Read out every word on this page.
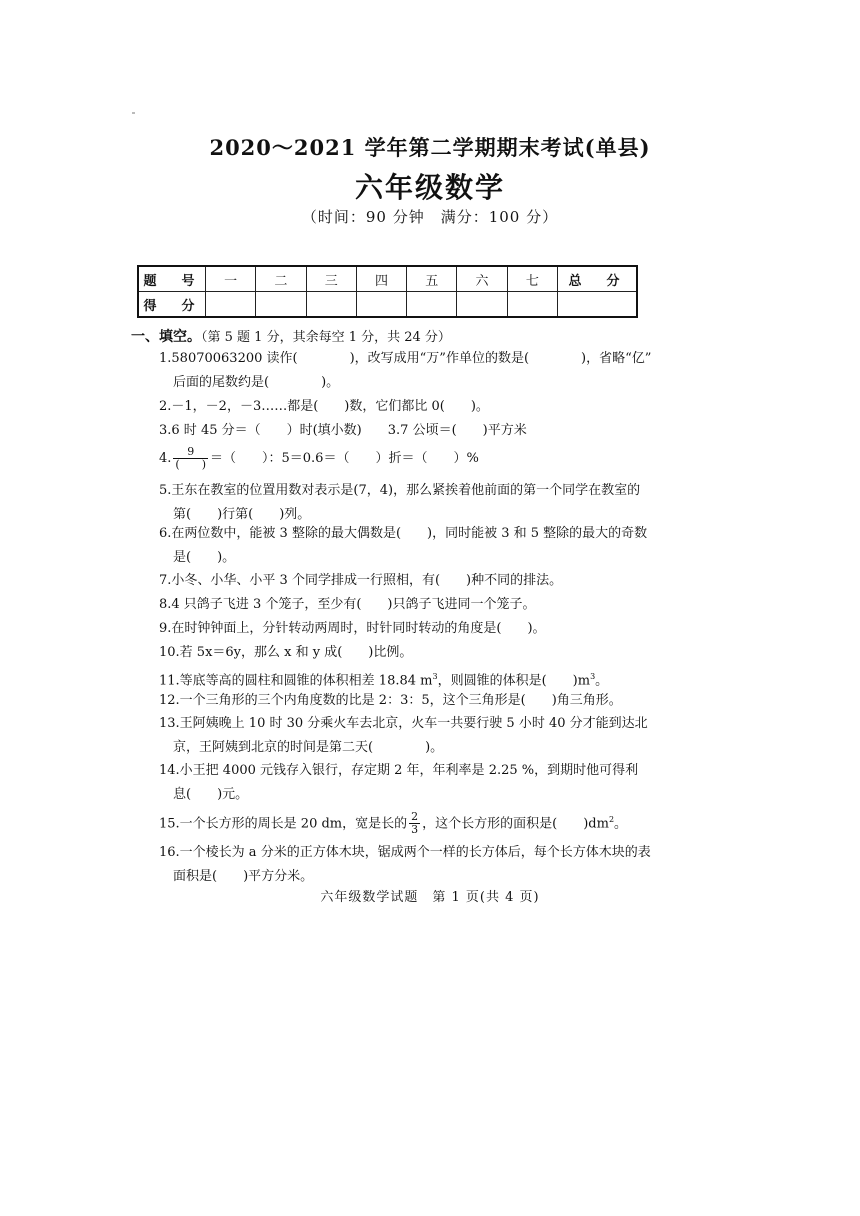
2020～2021 学年第二学期期末考试(单县)
六年级数学
（时间：90 分钟　满分：100 分）
题　号	一	二	三	四	五	六	七	总　分
得　分								
一、填空。（第 5 题 1 分，其余每空 1 分，共 24 分）
1.58070063200 读作(　　　　)，改写成用“万”作单位的数是(　　　　)，省略“亿”
后面的尾数约是(　　　　)。
2.－1，－2，－3……都是(　　)数，它们都比 0(　　)。
3.6 时 45 分＝（　　）时(填小数)　　3.7 公顷＝(　　)平方米
4. $\frac{9}{( )}$ ＝（　　）：5＝0.6＝（　　）折＝（　　）%
5.王东在教室的位置用数对表示是(7，4)，那么紧挨着他前面的第一个同学在教室的
第(　　)行第(　　)列。
6.在两位数中，能被 3 整除的最大偶数是(　　)，同时能被 3 和 5 整除的最大的奇数
是(　　)。
7.小冬、小华、小平 3 个同学排成一行照相，有(　　)种不同的排法。
8.4 只鸽子飞进 3 个笼子，至少有(　　)只鸽子飞进同一个笼子。
9.在时钟钟面上，分针转动两周时，时针同时转动的角度是(　　)。
10.若 5x＝6y，那么 x 和 y 成(　　)比例。
11.等底等高的圆柱和圆锥的体积相差 18.84 $m^3$，则圆锥的体积是(　　)$m^3$。
12.一个三角形的三个内角度数的比是 2：3：5，这个三角形是(　　)角三角形。
13.王阿姨晚上 10 时 30 分乘火车去北京，火车一共要行驶 5 小时 40 分才能到达北
京，王阿姨到北京的时间是第二天(　　　　)。
14.小王把 4000 元钱存入银行，存定期 2 年，年利率是 2.25 %，到期时他可得利
息(　　)元。
15.一个长方形的周长是 20 dm，宽是长的 $\frac{2}{3}$ ，这个长方形的面积是(　　)$dm^2$。
16.一个棱长为 a 分米的正方体木块，锯成两个一样的长方体后，每个长方体木块的表
面积是(　　)平方分米。
六年级数学试题　第 1 页(共 4 页)
